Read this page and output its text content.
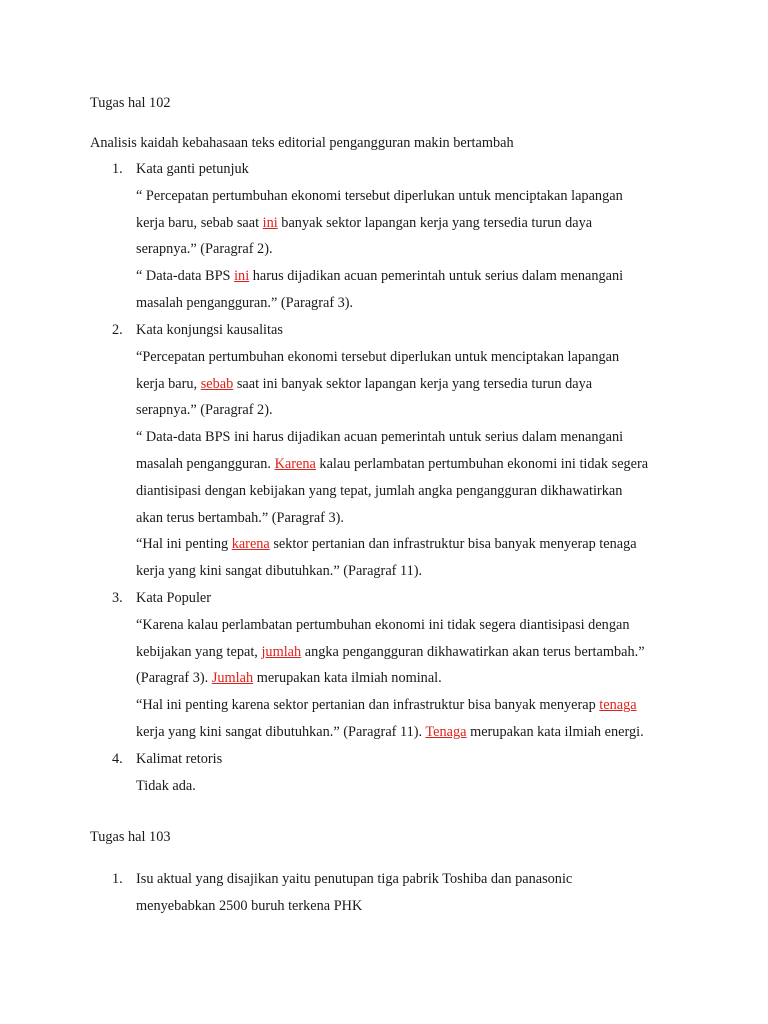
Tugas hal 102
Analisis kaidah kebahasaan teks editorial pengangguran makin bertambah
1. Kata ganti petunjuk
“ Percepatan pertumbuhan ekonomi tersebut diperlukan untuk menciptakan lapangan
kerja baru, sebab saat ini banyak sektor lapangan kerja yang tersedia turun daya
serapnya.” (Paragraf 2).
“ Data-data BPS ini harus dijadikan acuan pemerintah untuk serius dalam menangani
masalah pengangguran.” (Paragraf 3).
2. Kata konjungsi kausalitas
“Percepatan pertumbuhan ekonomi tersebut diperlukan untuk menciptakan lapangan
kerja baru, sebab saat ini banyak sektor lapangan kerja yang tersedia turun daya
serapnya.” (Paragraf 2).
“ Data-data BPS ini harus dijadikan acuan pemerintah untuk serius dalam menangani
masalah pengangguran. Karena kalau perlambatan pertumbuhan ekonomi ini tidak segera
diantisipasi dengan kebijakan yang tepat, jumlah angka pengangguran dikhawatirkan
akan terus bertambah.” (Paragraf 3).
“Hal ini penting karena sektor pertanian dan infrastruktur bisa banyak menyerap tenaga
kerja yang kini sangat dibutuhkan.” (Paragraf 11).
3. Kata Populer
“Karena kalau perlambatan pertumbuhan ekonomi ini tidak segera diantisipasi dengan
kebijakan yang tepat, jumlah angka pengangguran dikhawatirkan akan terus bertambah.”
(Paragraf 3). Jumlah merupakan kata ilmiah nominal.
“Hal ini penting karena sektor pertanian dan infrastruktur bisa banyak menyerap tenaga
kerja yang kini sangat dibutuhkan.” (Paragraf 11). Tenaga merupakan kata ilmiah energi.
4. Kalimat retoris
Tidak ada.
Tugas hal 103
1. Isu aktual yang disajikan yaitu penutupan tiga pabrik Toshiba dan panasonic
menyebabkan 2500 buruh terkena PHK
